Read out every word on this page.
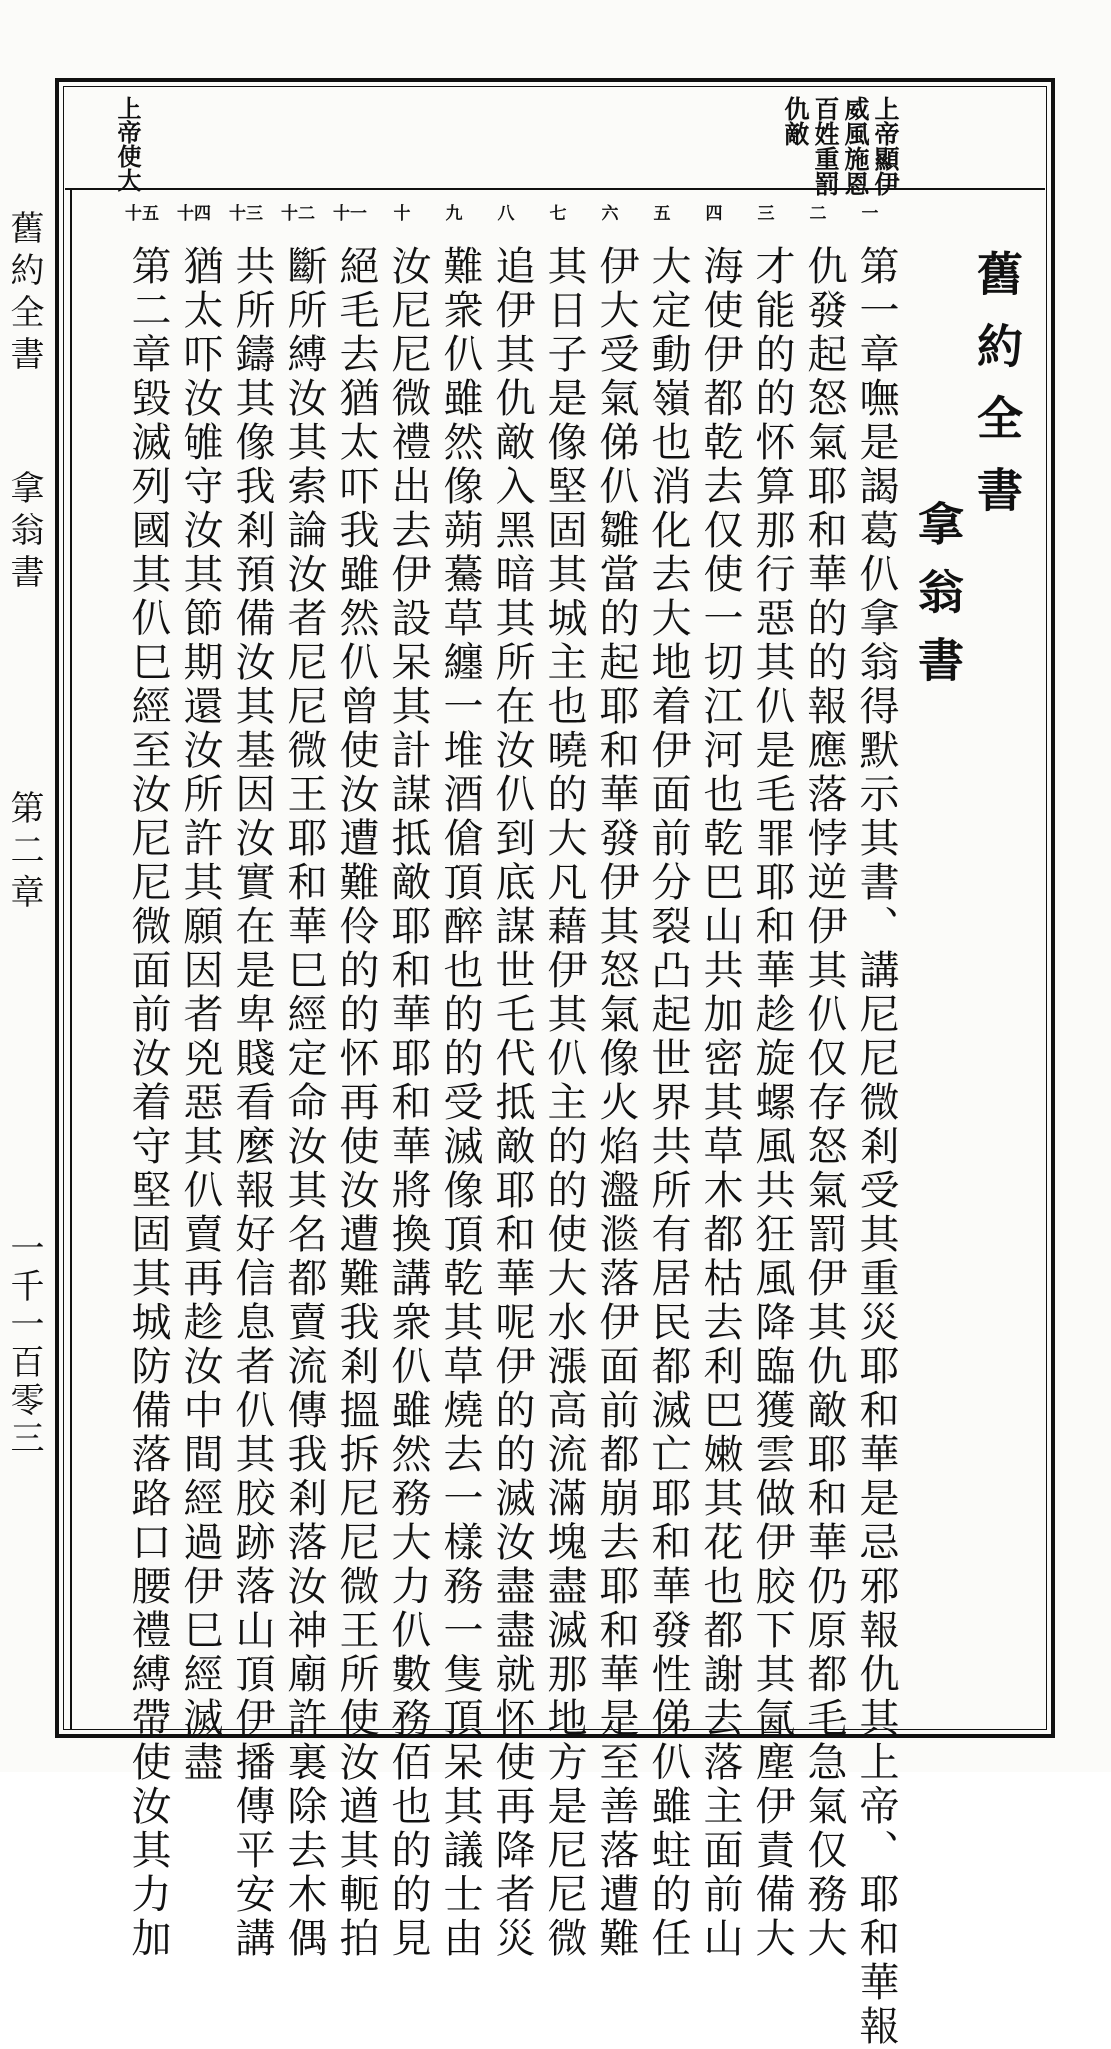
上帝顯伊
威風施恩
百姓重罰
仇敵
上帝使大
一
二
三
四
五
六
七
八
九
十
十一
十二
十三
十四
十五
舊約全書
拿翁書
第一章嘸是謁葛仈拿翁得默示其書、講尼尼微剎受其重災耶和華是忌邪報仇其上帝、耶和華報
仇發起怒氣耶和華的的報應落悖逆伊其仈仅存怒氣罰伊其仇敵耶和華仍原都毛急氣仅務大
才能的的怀算那行惡其仈是毛罪耶和華趁旋螺風共狂風降臨獲雲做伊胶下其氤塵伊責備大
海使伊都乾去仅使一切江河也乾巴山共加密其草木都枯去利巴嫩其花也都謝去落主面前山
大定動嶺也消化去大地着伊面前分裂凸起世界共所有居民都滅亡耶和華發性俤仈雖蛀的任
伊大受氣俤仈雛當的起耶和華發伊其怒氣像火焰瀊㴴落伊面前都崩去耶和華是至善落遭難
其日子是像堅固其城主也曉的大凡藉伊其仈主的的使大水漲高流滿塊盡滅那地方是尼尼微
追伊其仇敵入黑暗其所在汝仈到底謀世乇代抵敵耶和華呢伊的的滅汝盡盡就怀使再降者災
難衆仈雖然像蒴驀草纏一堆酒傖頂醉也的的受滅像頂乾其草燒去一樣務一隻頂呆其議士由
汝尼尼微禮出去伊設呆其計謀抵敵耶和華耶和華將換講衆仈雖然務大力仈數務佰也的的見
絕毛去猶太吓我雖然仈曾使汝遭難伶的的怀再使汝遭難我剎搵拆尼尼微王所使汝遒其軛拍
斷所縛汝其索論汝者尼尼微王耶和華巳經定命汝其名都賣流傳我剎落汝神廟許裏除去木偶
共所鑄其像我剎預備汝其基因汝實在是卑賤看麼報好信息者仈其胶跡落山頂伊播傳平安講
猶太吓汝雊守汝其節期還汝所許其願因者兇惡其仈賣再趁汝中間經過伊巳經滅盡
第二章毀滅列國其仈巳經至汝尼尼微面前汝着守堅固其城防備落路口腰禮縛帶使汝其力加
舊約全書
拿翁書
第二章
一千一百零三
